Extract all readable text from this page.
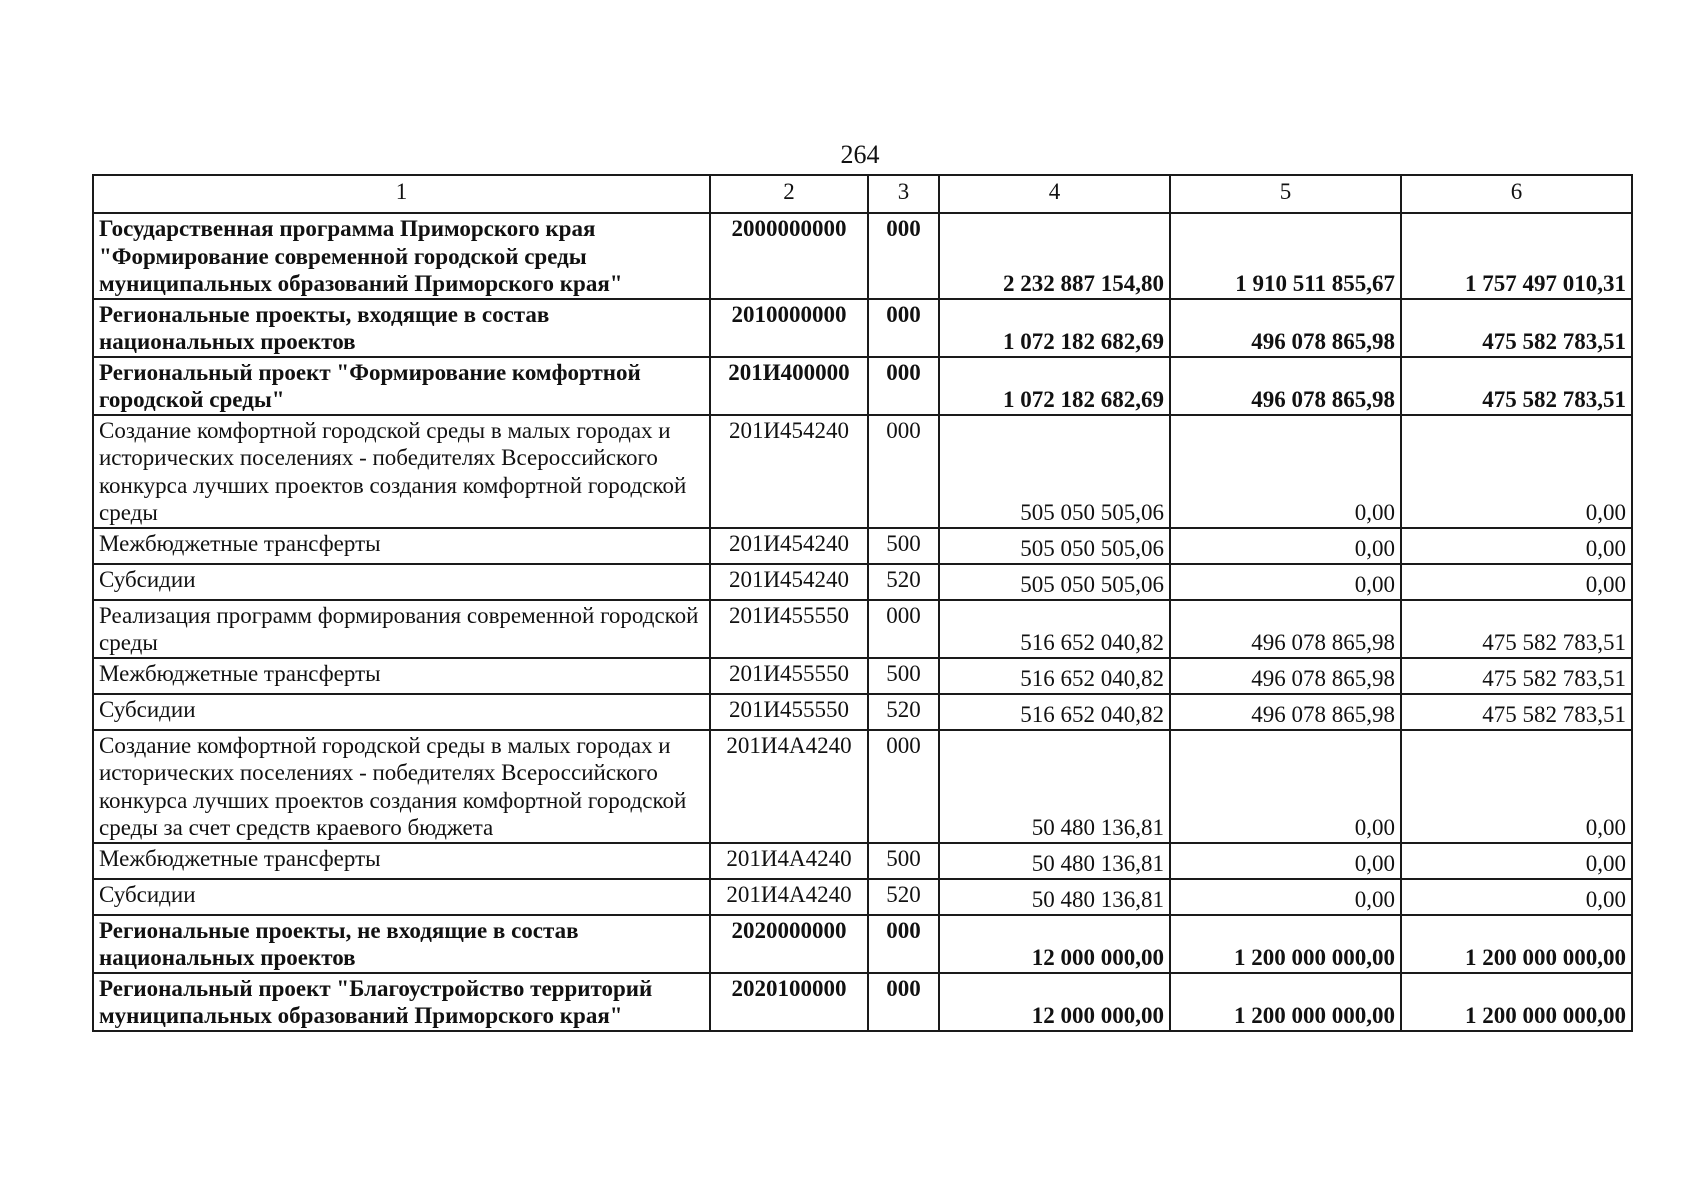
264
1	2	3	4	5	6
Государственная программа Приморского края "Формирование современной городской среды муниципальных образований Приморского края"	2000000000	000	2 232 887 154,80	1 910 511 855,67	1 757 497 010,31
Региональные проекты, входящие в состав национальных проектов	2010000000	000	1 072 182 682,69	496 078 865,98	475 582 783,51
Региональный проект "Формирование комфортной городской среды"	201И400000	000	1 072 182 682,69	496 078 865,98	475 582 783,51
Создание комфортной городской среды в малых городах и исторических поселениях - победителях Всероссийского конкурса лучших проектов создания комфортной городской среды	201И454240	000	505 050 505,06	0,00	0,00
Межбюджетные трансферты	201И454240	500	505 050 505,06	0,00	0,00
Субсидии	201И454240	520	505 050 505,06	0,00	0,00
Реализация программ формирования современной городской среды	201И455550	000	516 652 040,82	496 078 865,98	475 582 783,51
Межбюджетные трансферты	201И455550	500	516 652 040,82	496 078 865,98	475 582 783,51
Субсидии	201И455550	520	516 652 040,82	496 078 865,98	475 582 783,51
Создание комфортной городской среды в малых городах и исторических поселениях - победителях Всероссийского конкурса лучших проектов создания комфортной городской среды за счет средств краевого бюджета	201И4А4240	000	50 480 136,81	0,00	0,00
Межбюджетные трансферты	201И4А4240	500	50 480 136,81	0,00	0,00
Субсидии	201И4А4240	520	50 480 136,81	0,00	0,00
Региональные проекты, не входящие в состав национальных проектов	2020000000	000	12 000 000,00	1 200 000 000,00	1 200 000 000,00
Региональный проект "Благоустройство территорий муниципальных образований Приморского края"	2020100000	000	12 000 000,00	1 200 000 000,00	1 200 000 000,00
